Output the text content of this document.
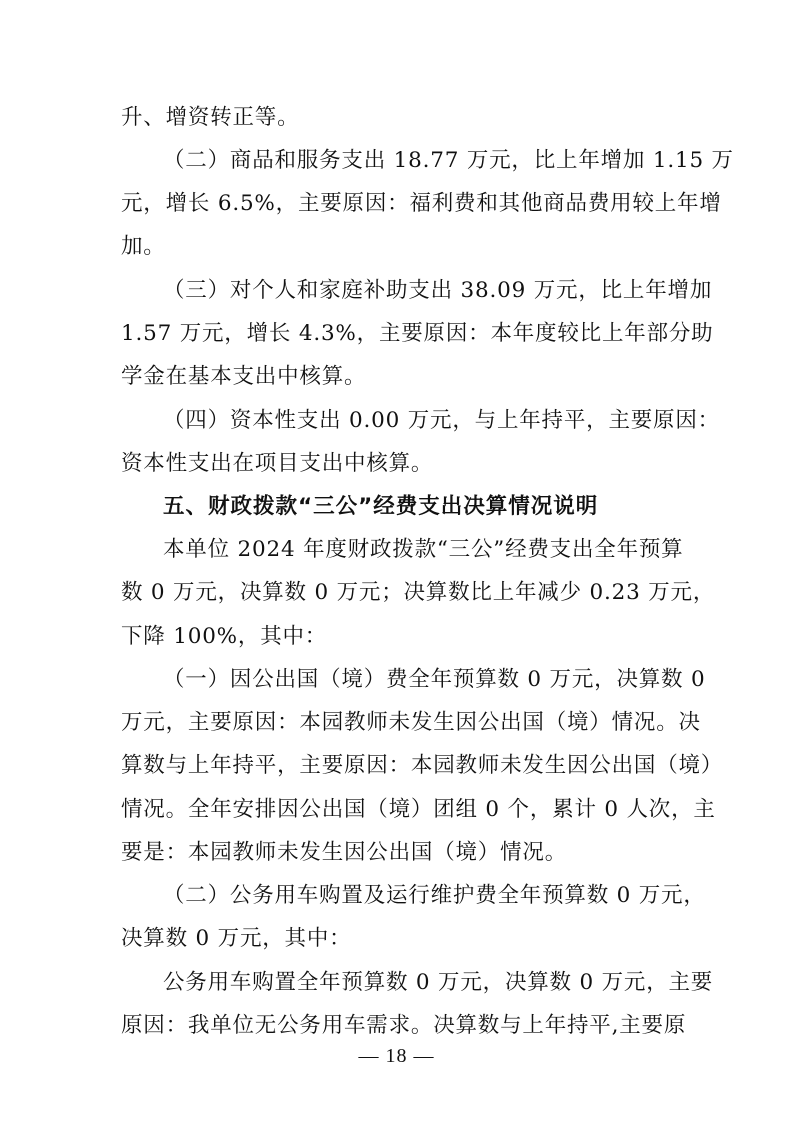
升、增资转正等。
（二）商品和服务支出 18.77 万元，比上年增加 1.15 万
元，增长 6.5%，主要原因：福利费和其他商品费用较上年增
加。
（三）对个人和家庭补助支出 38.09 万元，比上年增加
1.57 万元，增长 4.3%，主要原因：本年度较比上年部分助
学金在基本支出中核算。
（四）资本性支出 0.00 万元，与上年持平，主要原因：
资本性支出在项目支出中核算。
五、财政拨款“三公”经费支出决算情况说明
本单位 2024 年度财政拨款“三公”经费支出全年预算
数 0 万元，决算数 0 万元；决算数比上年减少 0.23 万元，
下降 100%，其中：
（一）因公出国（境）费全年预算数 0 万元，决算数 0
万元，主要原因：本园教师未发生因公出国（境）情况。决
算数与上年持平，主要原因：本园教师未发生因公出国（境）
情况。全年安排因公出国（境）团组 0 个，累计 0 人次，主
要是：本园教师未发生因公出国（境）情况。
（二）公务用车购置及运行维护费全年预算数 0 万元，
决算数 0 万元，其中：
公务用车购置全年预算数 0 万元，决算数 0 万元，主要
原因：我单位无公务用车需求。决算数与上年持平,主要原
— 18 —
